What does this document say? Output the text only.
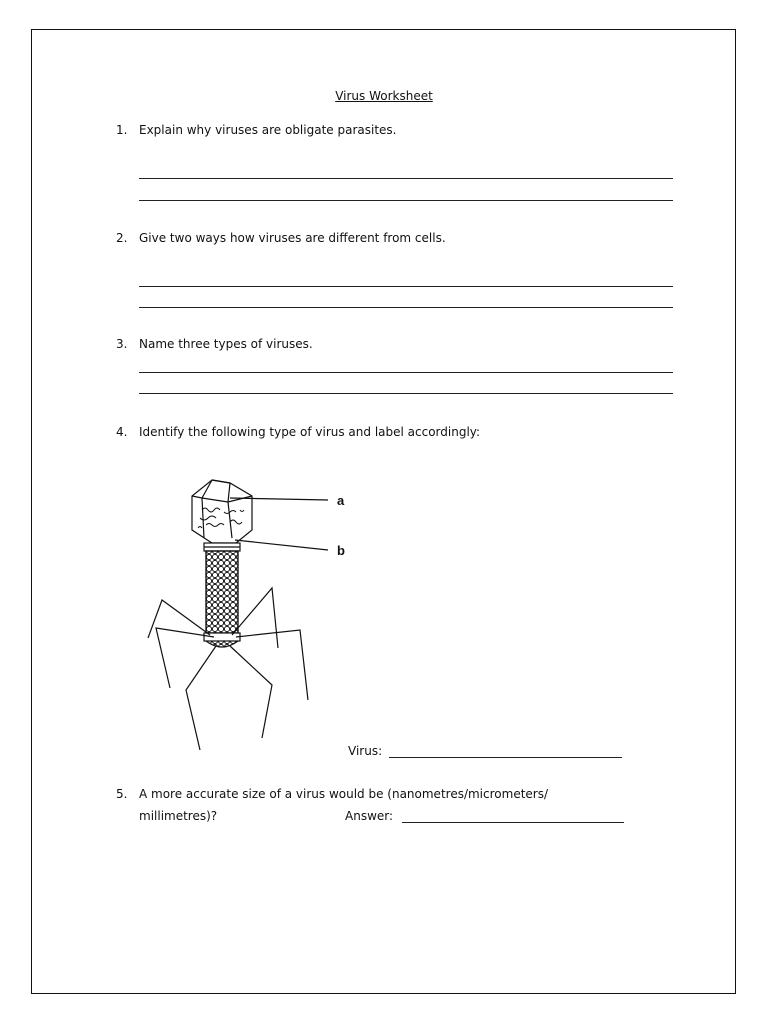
Virus Worksheet
1. Explain why viruses are obligate parasites.
2. Give two ways how viruses are different from cells.
3. Name three types of viruses.
4. Identify the following type of virus and label accordingly:
a
b
Virus:
5. A more accurate size of a virus would be (nanometres/micrometers/
millimetres)?	Answer:
